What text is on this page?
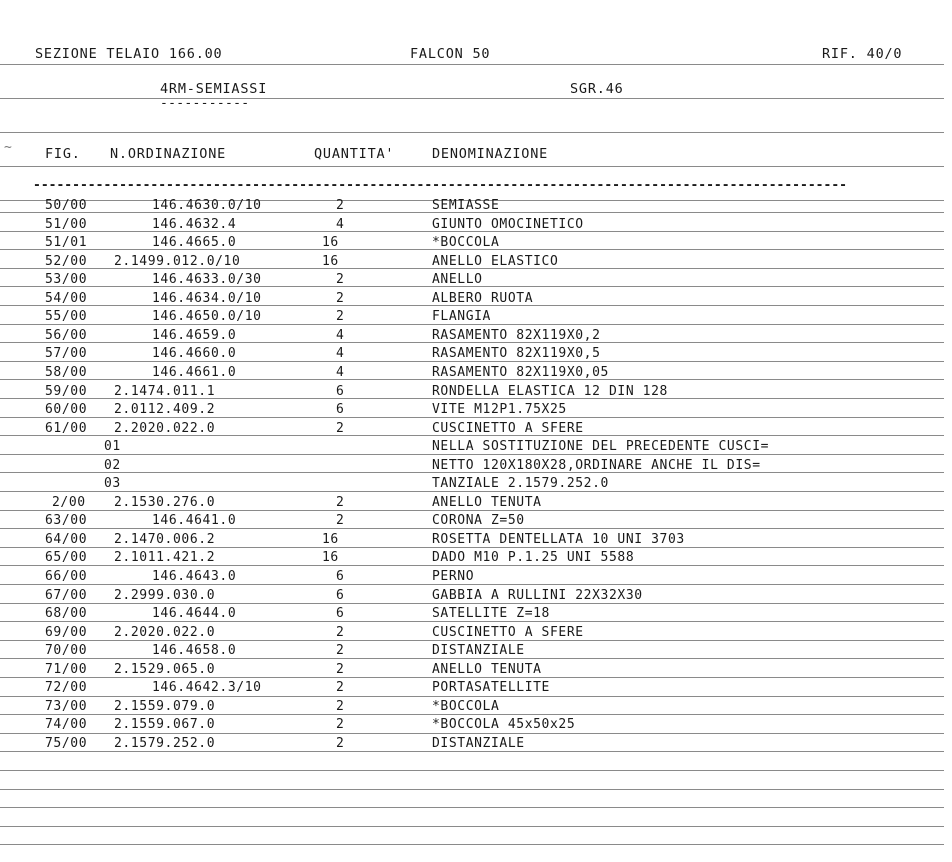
SEZIONE TELAIO 166.00	FALCON 50	RIF. 40/0
4RM-SEMIASSI
-----------
SGR.46
~ FIG. N.ORDINAZIONE	QUANTITA'	DENOMINAZIONE
--------------------------------------------------------------------------------------------------------
50/00	146.4630.0/10	2	SEMIASSE
51/00	146.4632.4	4	GIUNTO OMOCINETICO
51/01	146.4665.0	16	*BOCCOLA
52/00 2.1499.012.0/10	16	ANELLO ELASTICO
53/00	146.4633.0/30	2	ANELLO
54/00	146.4634.0/10	2	ALBERO RUOTA
55/00	146.4650.0/10	2	FLANGIA
56/00	146.4659.0	4	RASAMENTO 82X119X0,2
57/00	146.4660.0	4	RASAMENTO 82X119X0,5
58/00	146.4661.0	4	RASAMENTO 82X119X0,05
59/00 2.1474.011.1	6	RONDELLA ELASTICA 12 DIN 128
60/00 2.0112.409.2	6	VITE M12P1.75X25
61/00 2.2020.022.0	2	CUSCINETTO A SFERE
01	NELLA SOSTITUZIONE DEL PRECEDENTE CUSCI=
02	NETTO 120X180X28,ORDINARE ANCHE IL DIS=
03	TANZIALE 2.1579.252.0
2/00 2.1530.276.0	2	ANELLO TENUTA
63/00	146.4641.0	2	CORONA Z=50
64/00 2.1470.006.2	16	ROSETTA DENTELLATA 10 UNI 3703
65/00 2.1011.421.2	16	DADO M10 P.1.25 UNI 5588
66/00	146.4643.0	6	PERNO
67/00 2.2999.030.0	6	GABBIA A RULLINI 22X32X30
68/00	146.4644.0	6	SATELLITE Z=18
69/00 2.2020.022.0	2	CUSCINETTO A SFERE
70/00	146.4658.0	2	DISTANZIALE
71/00 2.1529.065.0	2	ANELLO TENUTA
72/00	146.4642.3/10	2	PORTASATELLITE
73/00 2.1559.079.0	2	*BOCCOLA
74/00 2.1559.067.0	2	*BOCCOLA 45x50x25
75/00 2.1579.252.0	2	DISTANZIALE
